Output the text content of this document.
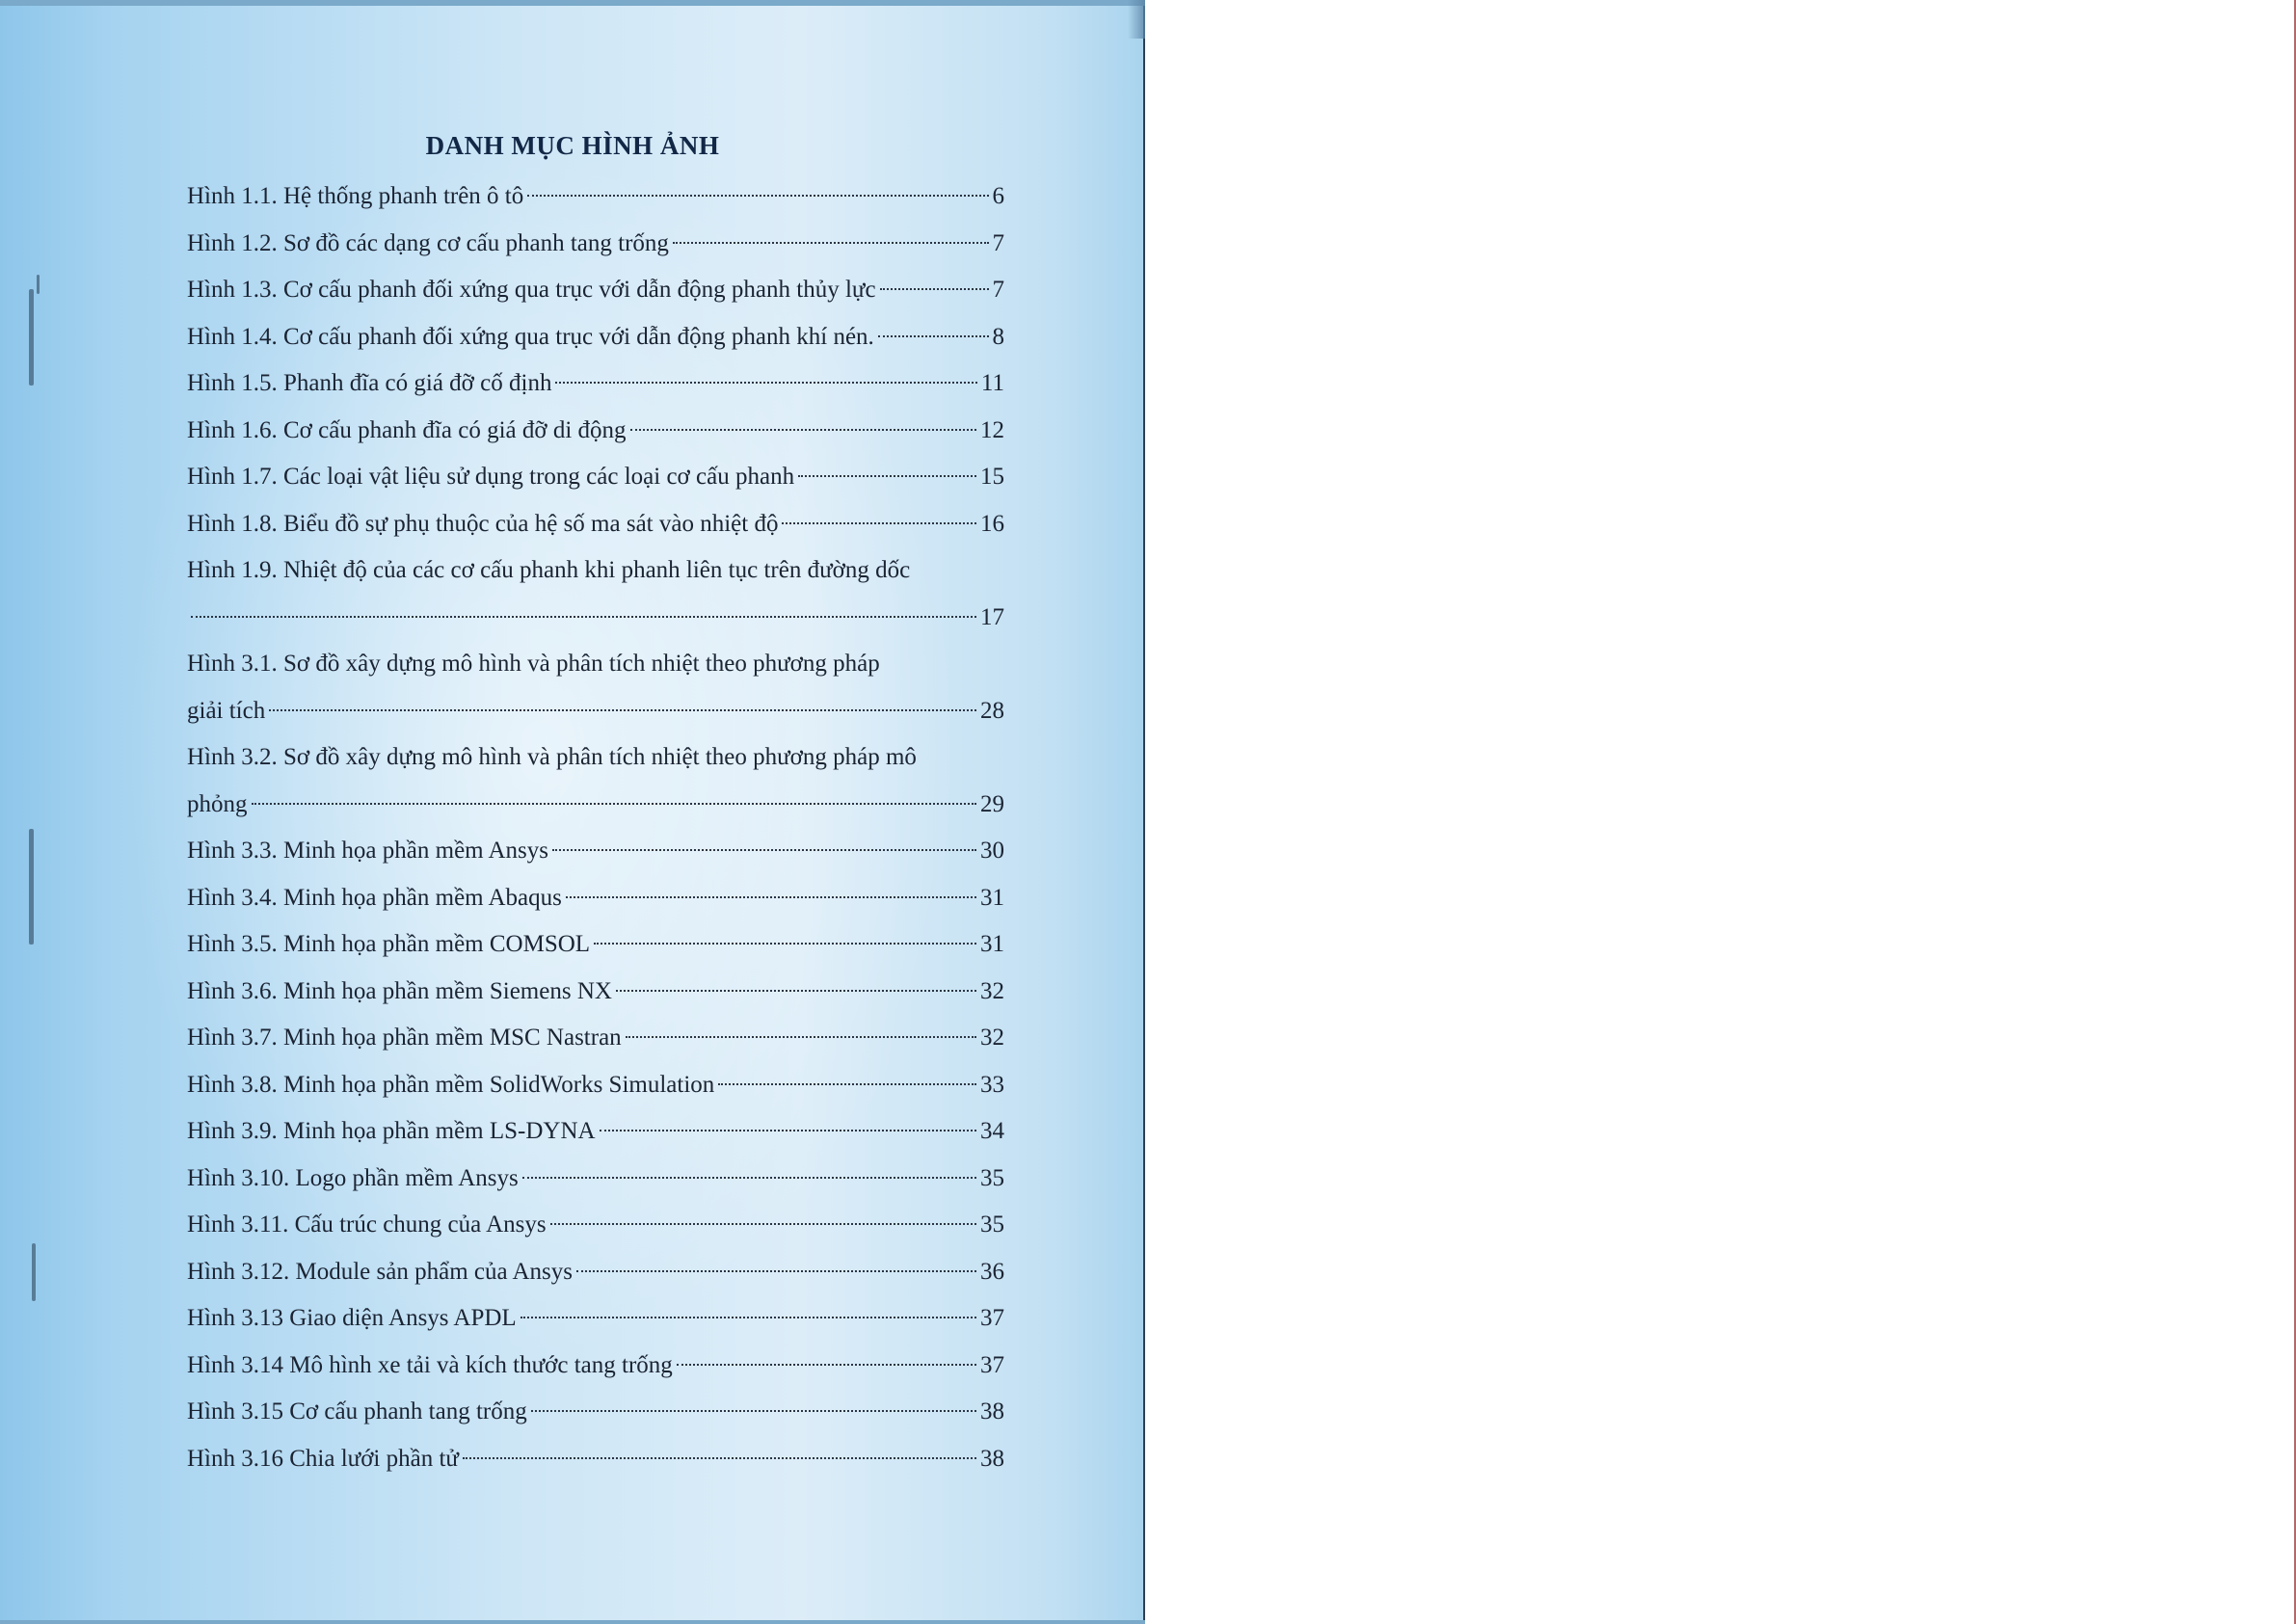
DANH MỤC HÌNH ẢNH
Hình 1.1. Hệ thống phanh trên ô tô	6
Hình 1.2. Sơ đồ các dạng cơ cấu phanh tang trống	7
Hình 1.3. Cơ cấu phanh đối xứng qua trục với dẫn động phanh thủy lực	7
Hình 1.4. Cơ cấu phanh đối xứng qua trục với dẫn động phanh khí nén.	8
Hình 1.5. Phanh đĩa có giá đỡ cố định	11
Hình 1.6. Cơ cấu phanh đĩa có giá đỡ di động	12
Hình 1.7. Các loại vật liệu sử dụng trong các loại cơ cấu phanh	15
Hình 1.8. Biểu đồ sự phụ thuộc của hệ số ma sát vào nhiệt độ	16
Hình 1.9. Nhiệt độ của các cơ cấu phanh khi phanh liên tục trên đường dốc
17
Hình 3.1. Sơ đồ xây dựng mô hình và phân tích nhiệt theo phương pháp
giải tích	28
Hình 3.2. Sơ đồ xây dựng mô hình và phân tích nhiệt theo phương pháp mô
phỏng	29
Hình 3.3. Minh họa phần mềm Ansys	30
Hình 3.4. Minh họa phần mềm Abaqus	31
Hình 3.5. Minh họa phần mềm COMSOL	31
Hình 3.6. Minh họa phần mềm Siemens NX	32
Hình 3.7. Minh họa phần mềm MSC Nastran	32
Hình 3.8. Minh họa phần mềm SolidWorks Simulation	33
Hình 3.9. Minh họa phần mềm LS-DYNA	34
Hình 3.10. Logo phần mềm Ansys	35
Hình 3.11. Cấu trúc chung của Ansys	35
Hình 3.12. Module sản phẩm của Ansys	36
Hình 3.13 Giao diện Ansys APDL	37
Hình 3.14 Mô hình xe tải và kích thước tang trống	37
Hình 3.15 Cơ cấu phanh tang trống	38
Hình 3.16 Chia lưới phần tử	38
